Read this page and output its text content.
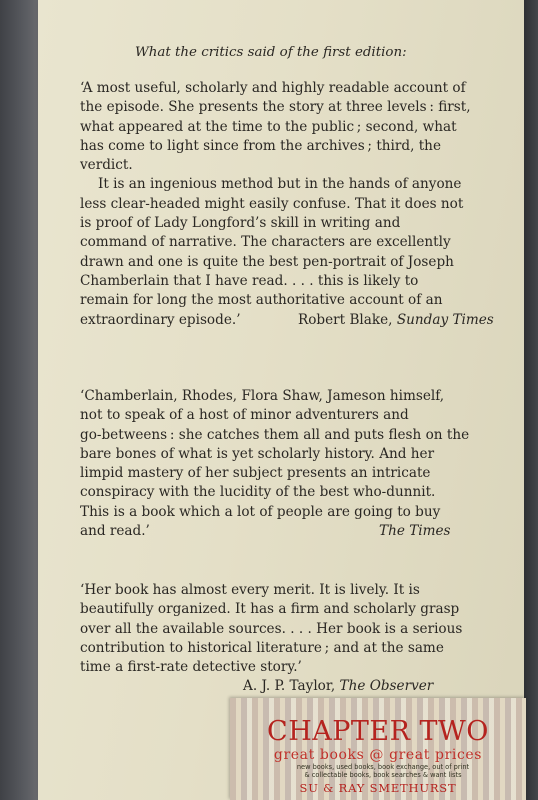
What the critics said of the first edition:
‘A most useful, scholarly and highly readable account of
the episode. She presents the story at three levels : first,
what appeared at the time to the public ; second, what
has come to light since from the archives ; third, the
verdict.
It is an ingenious method but in the hands of anyone
less clear-headed might easily confuse. That it does not
is proof of Lady Longford’s skill in writing and
command of narrative. The characters are excellently
drawn and one is quite the best pen-portrait of Joseph
Chamberlain that I have read. . . . this is likely to
remain for long the most authoritative account of an
extraordinary episode.’	Robert Blake, Sunday Times
‘Chamberlain, Rhodes, Flora Shaw, Jameson himself,
not to speak of a host of minor adventurers and
go-betweens : she catches them all and puts flesh on the
bare bones of what is yet scholarly history. And her
limpid mastery of her subject presents an intricate
conspiracy with the lucidity of the best who-dunnit.
This is a book which a lot of people are going to buy
and read.’	The Times
‘Her book has almost every merit. It is lively. It is
beautifully organized. It has a firm and scholarly grasp
over all the available sources. . . . Her book is a serious
contribution to historical literature ; and at the same
time a first-rate detective story.’
A. J. P. Taylor, The Observer
CHAPTER TWO
great books @ great prices
new books, used books, book exchange, out of print
& collectable books, book searches & want lists
SU & RAY SMETHURST
